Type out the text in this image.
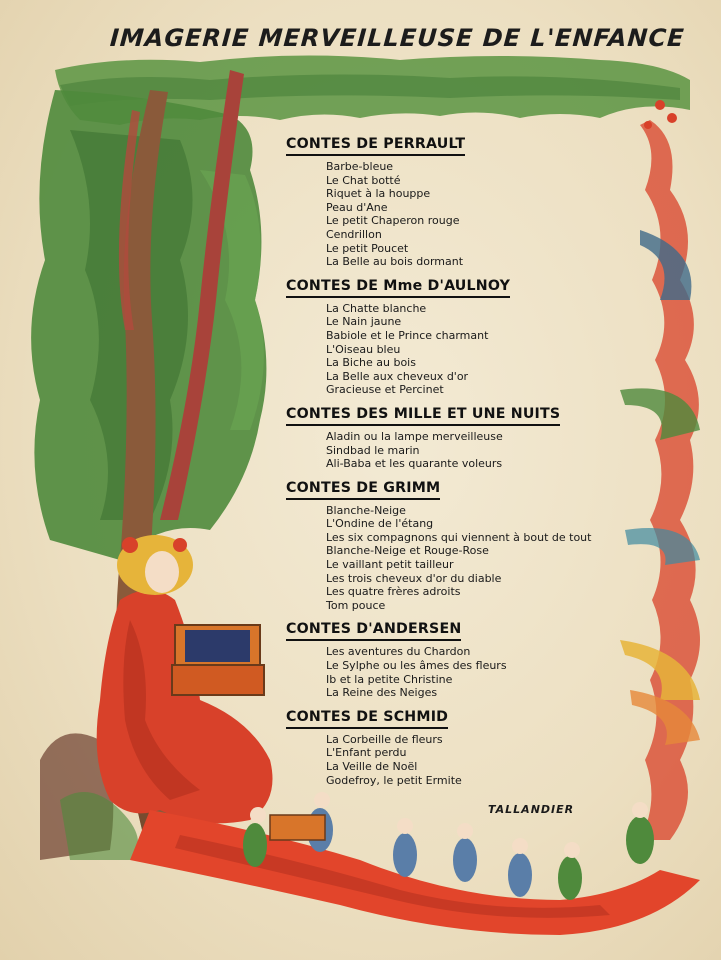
IMAGERIE MERVEILLEUSE DE L'ENFANCE
CONTES DE PERRAULT
Barbe-bleue
Le Chat botté
Riquet à la houppe
Peau d'Ane
Le petit Chaperon rouge
Cendrillon
Le petit Poucet
La Belle au bois dormant
CONTES DE Mme D'AULNOY
La Chatte blanche
Le Nain jaune
Babiole et le Prince charmant
L'Oiseau bleu
La Biche au bois
La Belle aux cheveux d'or
Gracieuse et Percinet
CONTES DES MILLE ET UNE NUITS
Aladin ou la lampe merveilleuse
Sindbad le marin
Ali-Baba et les quarante voleurs
CONTES DE GRIMM
Blanche-Neige
L'Ondine de l'étang
Les six compagnons qui viennent à bout de tout
Blanche-Neige et Rouge-Rose
Le vaillant petit tailleur
Les trois cheveux d'or du diable
Les quatre frères adroits
Tom pouce
CONTES D'ANDERSEN
Les aventures du Chardon
Le Sylphe ou les âmes des fleurs
Ib et la petite Christine
La Reine des Neiges
CONTES DE SCHMID
La Corbeille de fleurs
L'Enfant perdu
La Veille de Noël
Godefroy, le petit Ermite

TALLANDIER
